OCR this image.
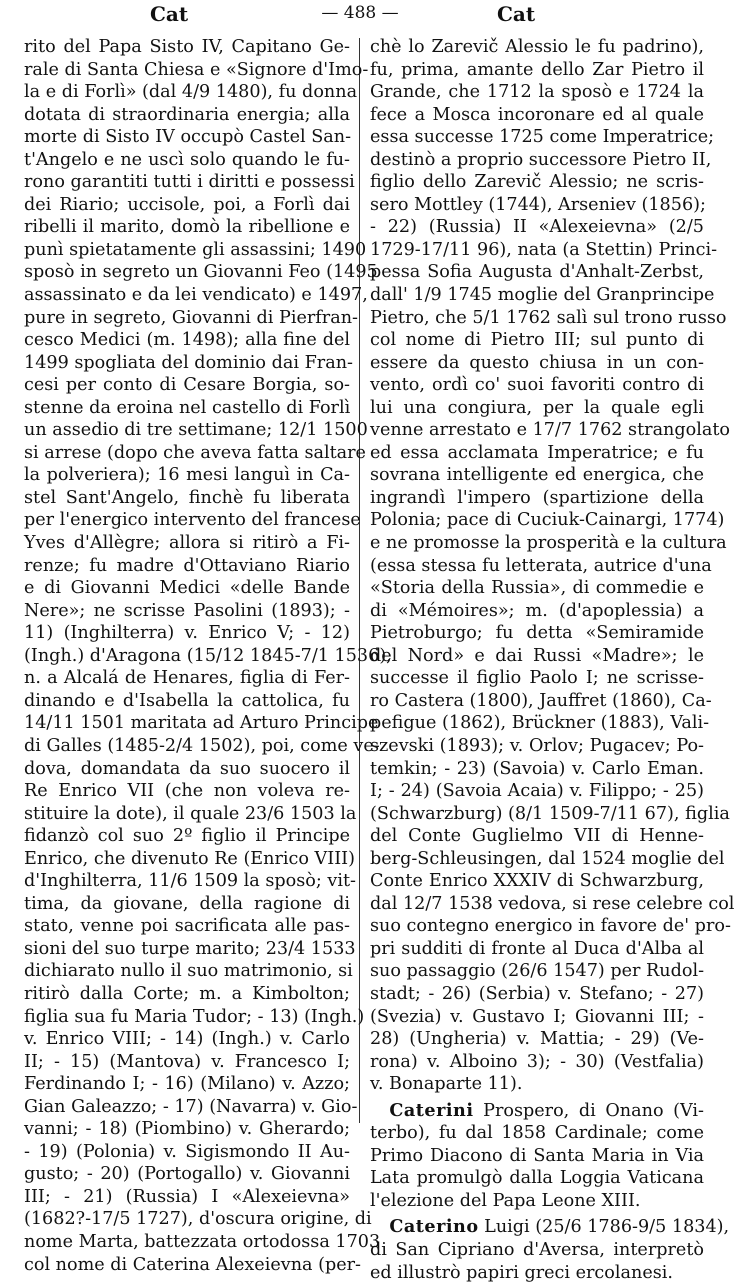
Cat	— 488 —	Cat
rito del Papa Sisto IV, Capitano Ge-
rale di Santa Chiesa e «Signore d'Imo-
la e di Forlì» (dal 4/9 1480), fu donna
dotata di straordinaria energia; alla
morte di Sisto IV occupò Castel San-
t'Angelo e ne uscì solo quando le fu-
rono garantiti tutti i diritti e possessi
dei Riario; uccisole, poi, a Forlì dai
ribelli il marito, domò la ribellione e
punì spietatamente gli assassini; 1490
sposò in segreto un Giovanni Feo (1495
assassinato e da lei vendicato) e 1497,
pure in segreto, Giovanni di Pierfran-
cesco Medici (m. 1498); alla fine del
1499 spogliata del dominio dai Fran-
cesi per conto di Cesare Borgia, so-
stenne da eroina nel castello di Forlì
un assedio di tre settimane; 12/1 1500
si arrese (dopo che aveva fatta saltare
la polveriera); 16 mesi languì in Ca-
stel Sant'Angelo, finchè fu liberata
per l'energico intervento del francese
Yves d'Allègre; allora si ritirò a Fi-
renze; fu madre d'Ottaviano Riario
e di Giovanni Medici «delle Bande
Nere»; ne scrisse Pasolini (1893); -
11) (Inghilterra) v. Enrico V; - 12)
(Ingh.) d'Aragona (15/12 1845-7/1 1536),
n. a Alcalá de Henares, figlia di Fer-
dinando e d'Isabella la cattolica, fu
14/11 1501 maritata ad Arturo Principe
di Galles (1485-2/4 1502), poi, come ve-
dova, domandata da suo suocero il
Re Enrico VII (che non voleva re-
stituire la dote), il quale 23/6 1503 la
fidanzò col suo 2º figlio il Principe
Enrico, che divenuto Re (Enrico VIII)
d'Inghilterra, 11/6 1509 la sposò; vit-
tima, da giovane, della ragione di
stato, venne poi sacrificata alle pas-
sioni del suo turpe marito; 23/4 1533
dichiarato nullo il suo matrimonio, si
ritirò dalla Corte; m. a Kimbolton;
figlia sua fu Maria Tudor; - 13) (Ingh.)
v. Enrico VIII; - 14) (Ingh.) v. Carlo
II; - 15) (Mantova) v. Francesco I;
Ferdinando I; - 16) (Milano) v. Azzo;
Gian Galeazzo; - 17) (Navarra) v. Gio-
vanni; - 18) (Piombino) v. Gherardo;
- 19) (Polonia) v. Sigismondo II Au-
gusto; - 20) (Portogallo) v. Giovanni
III; - 21) (Russia) I «Alexeievna»
(1682?-17/5 1727), d'oscura origine, di
nome Marta, battezzata ortodossa 1703
col nome di Caterina Alexeievna (per-
chè lo Zarevič Alessio le fu padrino),
fu, prima, amante dello Zar Pietro il
Grande, che 1712 la sposò e 1724 la
fece a Mosca incoronare ed al quale
essa successe 1725 come Imperatrice;
destinò a proprio successore Pietro II,
figlio dello Zarevič Alessio; ne scris-
sero Mottley (1744), Arseniev (1856);
- 22) (Russia) II «Alexeievna» (2/5
1729-17/11 96), nata (a Stettin) Princi-
pessa Sofia Augusta d'Anhalt-Zerbst,
dall' 1/9 1745 moglie del Granprincipe
Pietro, che 5/1 1762 salì sul trono russo
col nome di Pietro III; sul punto di
essere da questo chiusa in un con-
vento, ordì co' suoi favoriti contro di
lui una congiura, per la quale egli
venne arrestato e 17/7 1762 strangolato
ed essa acclamata Imperatrice; e fu
sovrana intelligente ed energica, che
ingrandì l'impero (spartizione della
Polonia; pace di Cuciuk-Cainargi, 1774)
e ne promosse la prosperità e la cultura
(essa stessa fu letterata, autrice d'una
«Storia della Russia», di commedie e
di «Mémoires»; m. (d'apoplessia) a
Pietroburgo; fu detta «Semiramide
del Nord» e dai Russi «Madre»; le
successe il figlio Paolo I; ne scrisse-
ro Castera (1800), Jauffret (1860), Ca-
pefigue (1862), Brückner (1883), Vali-
szevski (1893); v. Orlov; Pugacev; Po-
temkin; - 23) (Savoia) v. Carlo Eman.
I; - 24) (Savoia Acaia) v. Filippo; - 25)
(Schwarzburg) (8/1 1509-7/11 67), figlia
del Conte Guglielmo VII di Henne-
berg-Schleusingen, dal 1524 moglie del
Conte Enrico XXXIV di Schwarzburg,
dal 12/7 1538 vedova, si rese celebre col
suo contegno energico in favore de' pro-
pri sudditi di fronte al Duca d'Alba al
suo passaggio (26/6 1547) per Rudol-
stadt; - 26) (Serbia) v. Stefano; - 27)
(Svezia) v. Gustavo I; Giovanni III; -
28) (Ungheria) v. Mattia; - 29) (Ve-
rona) v. Alboino 3); - 30) (Vestfalia)
v. Bonaparte 11).
Caterini Prospero, di Onano (Vi-
terbo), fu dal 1858 Cardinale; come
Primo Diacono di Santa Maria in Via
Lata promulgò dalla Loggia Vaticana
l'elezione del Papa Leone XIII.
Caterino Luigi (25/6 1786-9/5 1834),
di San Cipriano d'Aversa, interpretò
ed illustrò papiri greci ercolanesi.
